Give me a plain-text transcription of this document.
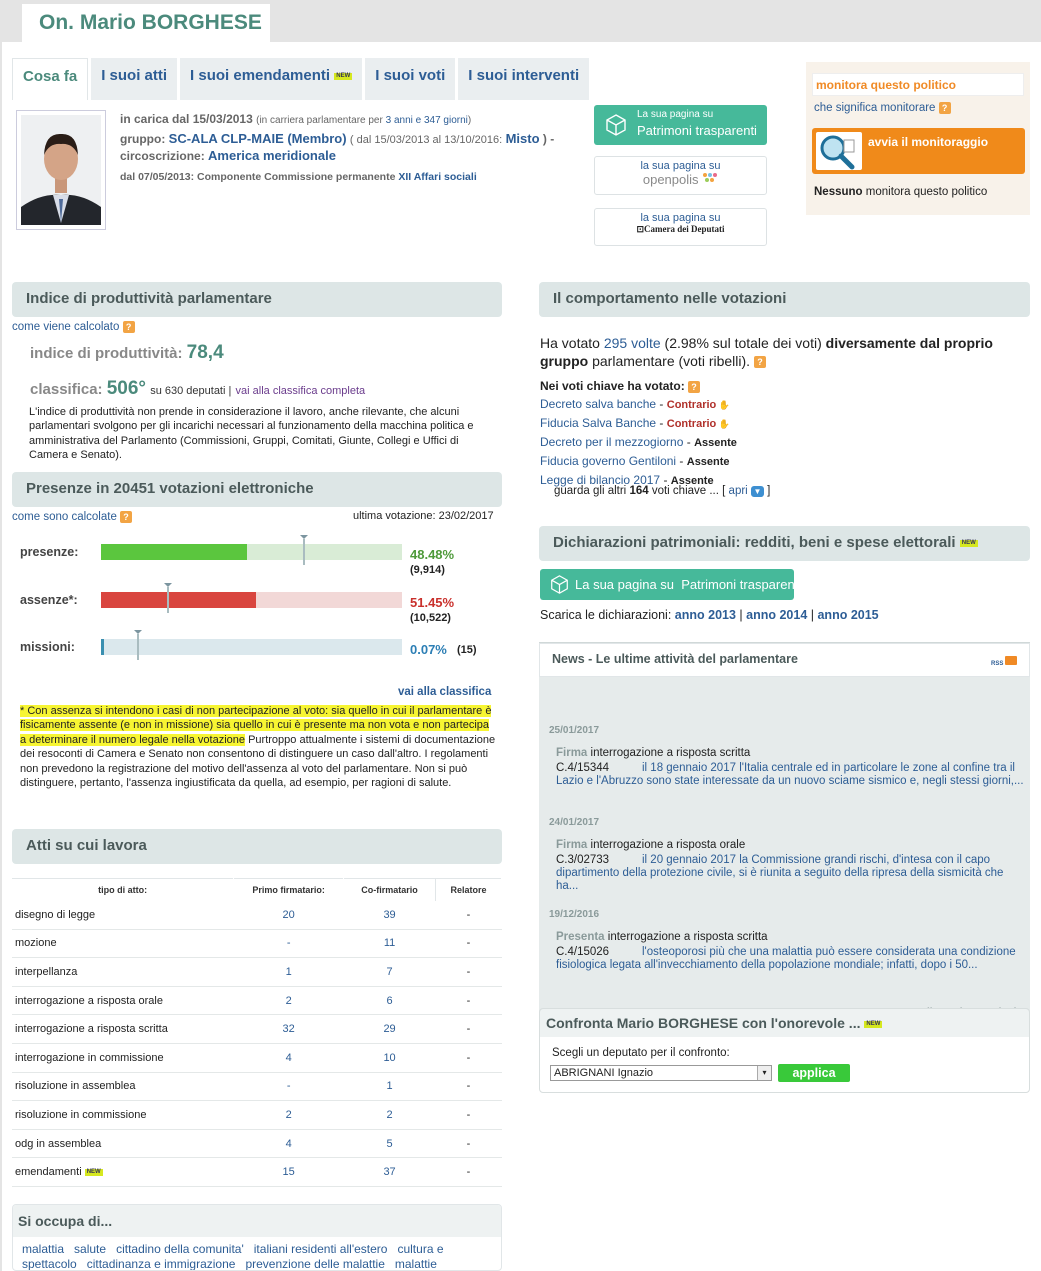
On. Mario BORGHESE
Cosa fa	I suoi atti	I suoi emendamenti NEW	I suoi voti	I suoi interventi
in carica dal 15/03/2013 (in carriera parlamentare per 3 anni e 347 giorni)
gruppo: SC-ALA CLP-MAIE (Membro) ( dal 15/03/2013 al 13/10/2016: Misto ) -
circoscrizione: America meridionale
dal 07/05/2013: Componente Commissione permanente XII Affari sociali
La sua pagina su
Patrimoni trasparenti
la sua pagina su
openpolis
la sua pagina su
⊡Camera dei Deputati
monitora questo politico
che significa monitorare ?
avvia il monitoraggio
Nessuno monitora questo politico
Indice di produttività parlamentare
come viene calcolato ?
indice di produttività: 78,4
classifica: 506° su 630 deputati | vai alla classifica completa
L'indice di produttività non prende in considerazione il lavoro, anche rilevante, che alcuni parlamentari svolgono per gli incarichi necessari al funzionamento della macchina politica e amministrativa del Parlamento (Commissioni, Gruppi, Comitati, Giunte, Collegi e Uffici di Camera e Senato).
Presenze in 20451 votazioni elettroniche
come sono calcolate ?	ultima votazione: 23/02/2017
presenze:	48.48%
(9,914)
assenze*:	51.45%
(10,522)
missioni:	0.07% (15)
vai alla classifica
* Con assenza si intendono i casi di non partecipazione al voto: sia quello in cui il parlamentare è fisicamente assente (e non in missione) sia quello in cui è presente ma non vota e non partecipa a determinare il numero legale nella votazione Purtroppo attualmente i sistemi di documentazione dei resoconti di Camera e Senato non consentono di distinguere un caso dall'altro. I regolamenti non prevedono la registrazione del motivo dell'assenza al voto del parlamentare. Non si può distinguere, pertanto, l'assenza ingiustificata da quella, ad esempio, per ragioni di salute.
Atti su cui lavora
tipo di atto:	Primo firmatario:	Co-firmatario	Relatore
disegno di legge	20	39	-
mozione	-	11	-
interpellanza	1	7	-
interrogazione a risposta orale	2	6	-
interrogazione a risposta scritta	32	29	-
interrogazione in commissione	4	10	-
risoluzione in assemblea	-	1	-
risoluzione in commissione	2	2	-
odg in assemblea	4	5	-
emendamenti NEW	15	37	-
Si occupa di...
malattia salute cittadino della comunita' italiani residenti all'estero cultura e
spettacolo cittadinanza e immigrazione prevenzione delle malattie malattie
Il comportamento nelle votazioni
Ha votato 295 volte (2.98% sul totale dei voti) diversamente dal proprio gruppo parlamentare (voti ribelli). ?
Nei voti chiave ha votato: ?
Decreto salva banche - Contrario ✋
Fiducia Salva Banche - Contrario ✋
Decreto per il mezzogiorno - Assente
Fiducia governo Gentiloni - Assente
Legge di bilancio 2017 - Assente
guarda gli altri 164 voti chiave ... [ apri ▼ ]
Dichiarazioni patrimoniali: redditi, beni e spese elettorali NEW
La sua pagina su Patrimoni trasparenti
Scarica le dichiarazioni: anno 2013 | anno 2014 | anno 2015
News - Le ultime attività del parlamentare	RSS
25/01/2017
Firma interrogazione a risposta scritta
C.4/15344	il 18 gennaio 2017 l'Italia centrale ed in particolare le zone al confine tra il Lazio e l'Abruzzo sono state interessate da un nuovo sciame sismico e, negli stessi giorni,...
24/01/2017
Firma interrogazione a risposta orale
C.3/02733	il 20 gennaio 2017 la Commissione grandi rischi, d'intesa con il capo dipartimento della protezione civile, si è riunita a seguito della ripresa della sismicità che ha...
19/12/2016
Presenta interrogazione a risposta scritta
C.4/15026	l'osteoporosi più che una malattia può essere considerata una condizione fisiologica legata all'invecchiamento della popolazione mondiale; infatti, dopo i 50...
Confronta Mario BORGHESE con l'onorevole ... NEW
Scegli un deputato per il confronto:
ABRIGNANI Ignazio	▾	applica
